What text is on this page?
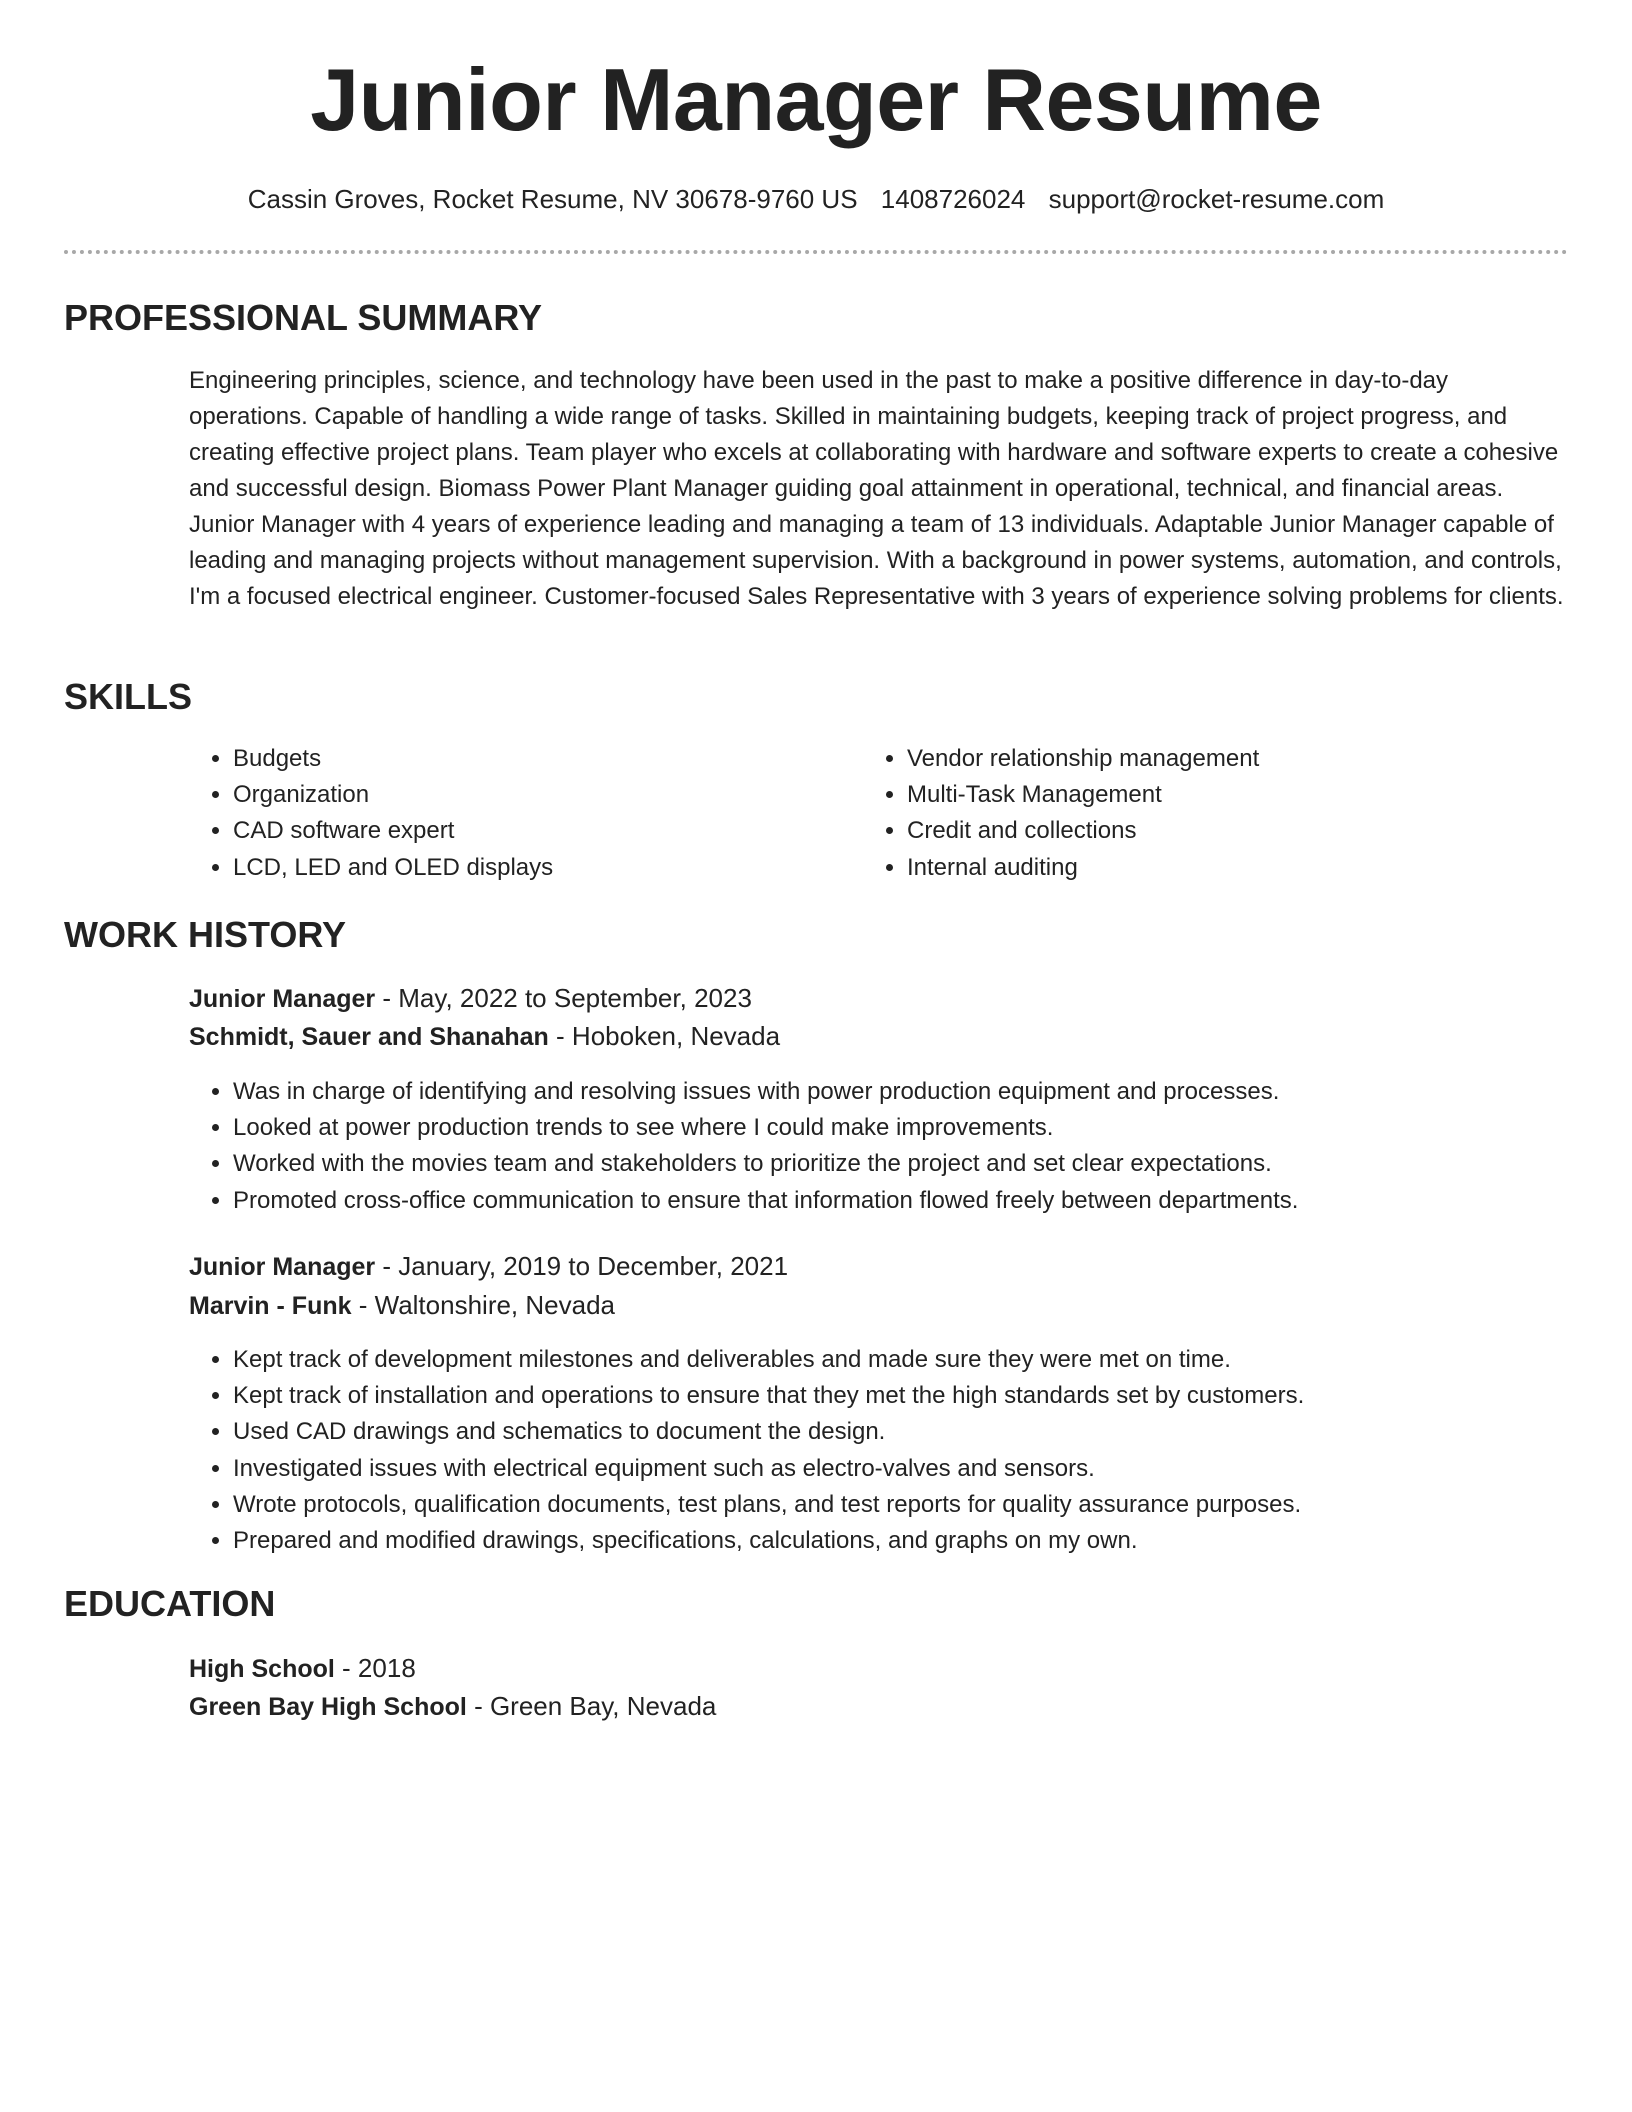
Junior Manager Resume
Cassin Groves, Rocket Resume, NV 30678-9760 US 1408726024 support@rocket-resume.com
PROFESSIONAL SUMMARY

Engineering principles, science, and technology have been used in the past to make a positive difference in day-to-day operations. Capable of handling a wide range of tasks. Skilled in maintaining budgets, keeping track of project progress, and creating effective project plans. Team player who excels at collaborating with hardware and software experts to create a cohesive and successful design. Biomass Power Plant Manager guiding goal attainment in operational, technical, and financial areas. Junior Manager with 4 years of experience leading and managing a team of 13 individuals. Adaptable Junior Manager capable of leading and managing projects without management supervision. With a background in power systems, automation, and controls, I'm a focused electrical engineer. Customer-focused Sales Representative with 3 years of experience solving problems for clients.

SKILLS
• Budgets
• Organization
• CAD software expert
• LCD, LED and OLED displays
• Vendor relationship management
• Multi-Task Management
• Credit and collections
• Internal auditing
WORK HISTORY
Junior Manager - May, 2022 to September, 2023
Schmidt, Sauer and Shanahan - Hoboken, Nevada
• Was in charge of identifying and resolving issues with power production equipment and processes.
• Looked at power production trends to see where I could make improvements.
• Worked with the movies team and stakeholders to prioritize the project and set clear expectations.
• Promoted cross-office communication to ensure that information flowed freely between departments.
Junior Manager - January, 2019 to December, 2021
Marvin - Funk - Waltonshire, Nevada
• Kept track of development milestones and deliverables and made sure they were met on time.
• Kept track of installation and operations to ensure that they met the high standards set by customers.
• Used CAD drawings and schematics to document the design.
• Investigated issues with electrical equipment such as electro-valves and sensors.
• Wrote protocols, qualification documents, test plans, and test reports for quality assurance purposes.
• Prepared and modified drawings, specifications, calculations, and graphs on my own.
EDUCATION
High School - 2018
Green Bay High School - Green Bay, Nevada
